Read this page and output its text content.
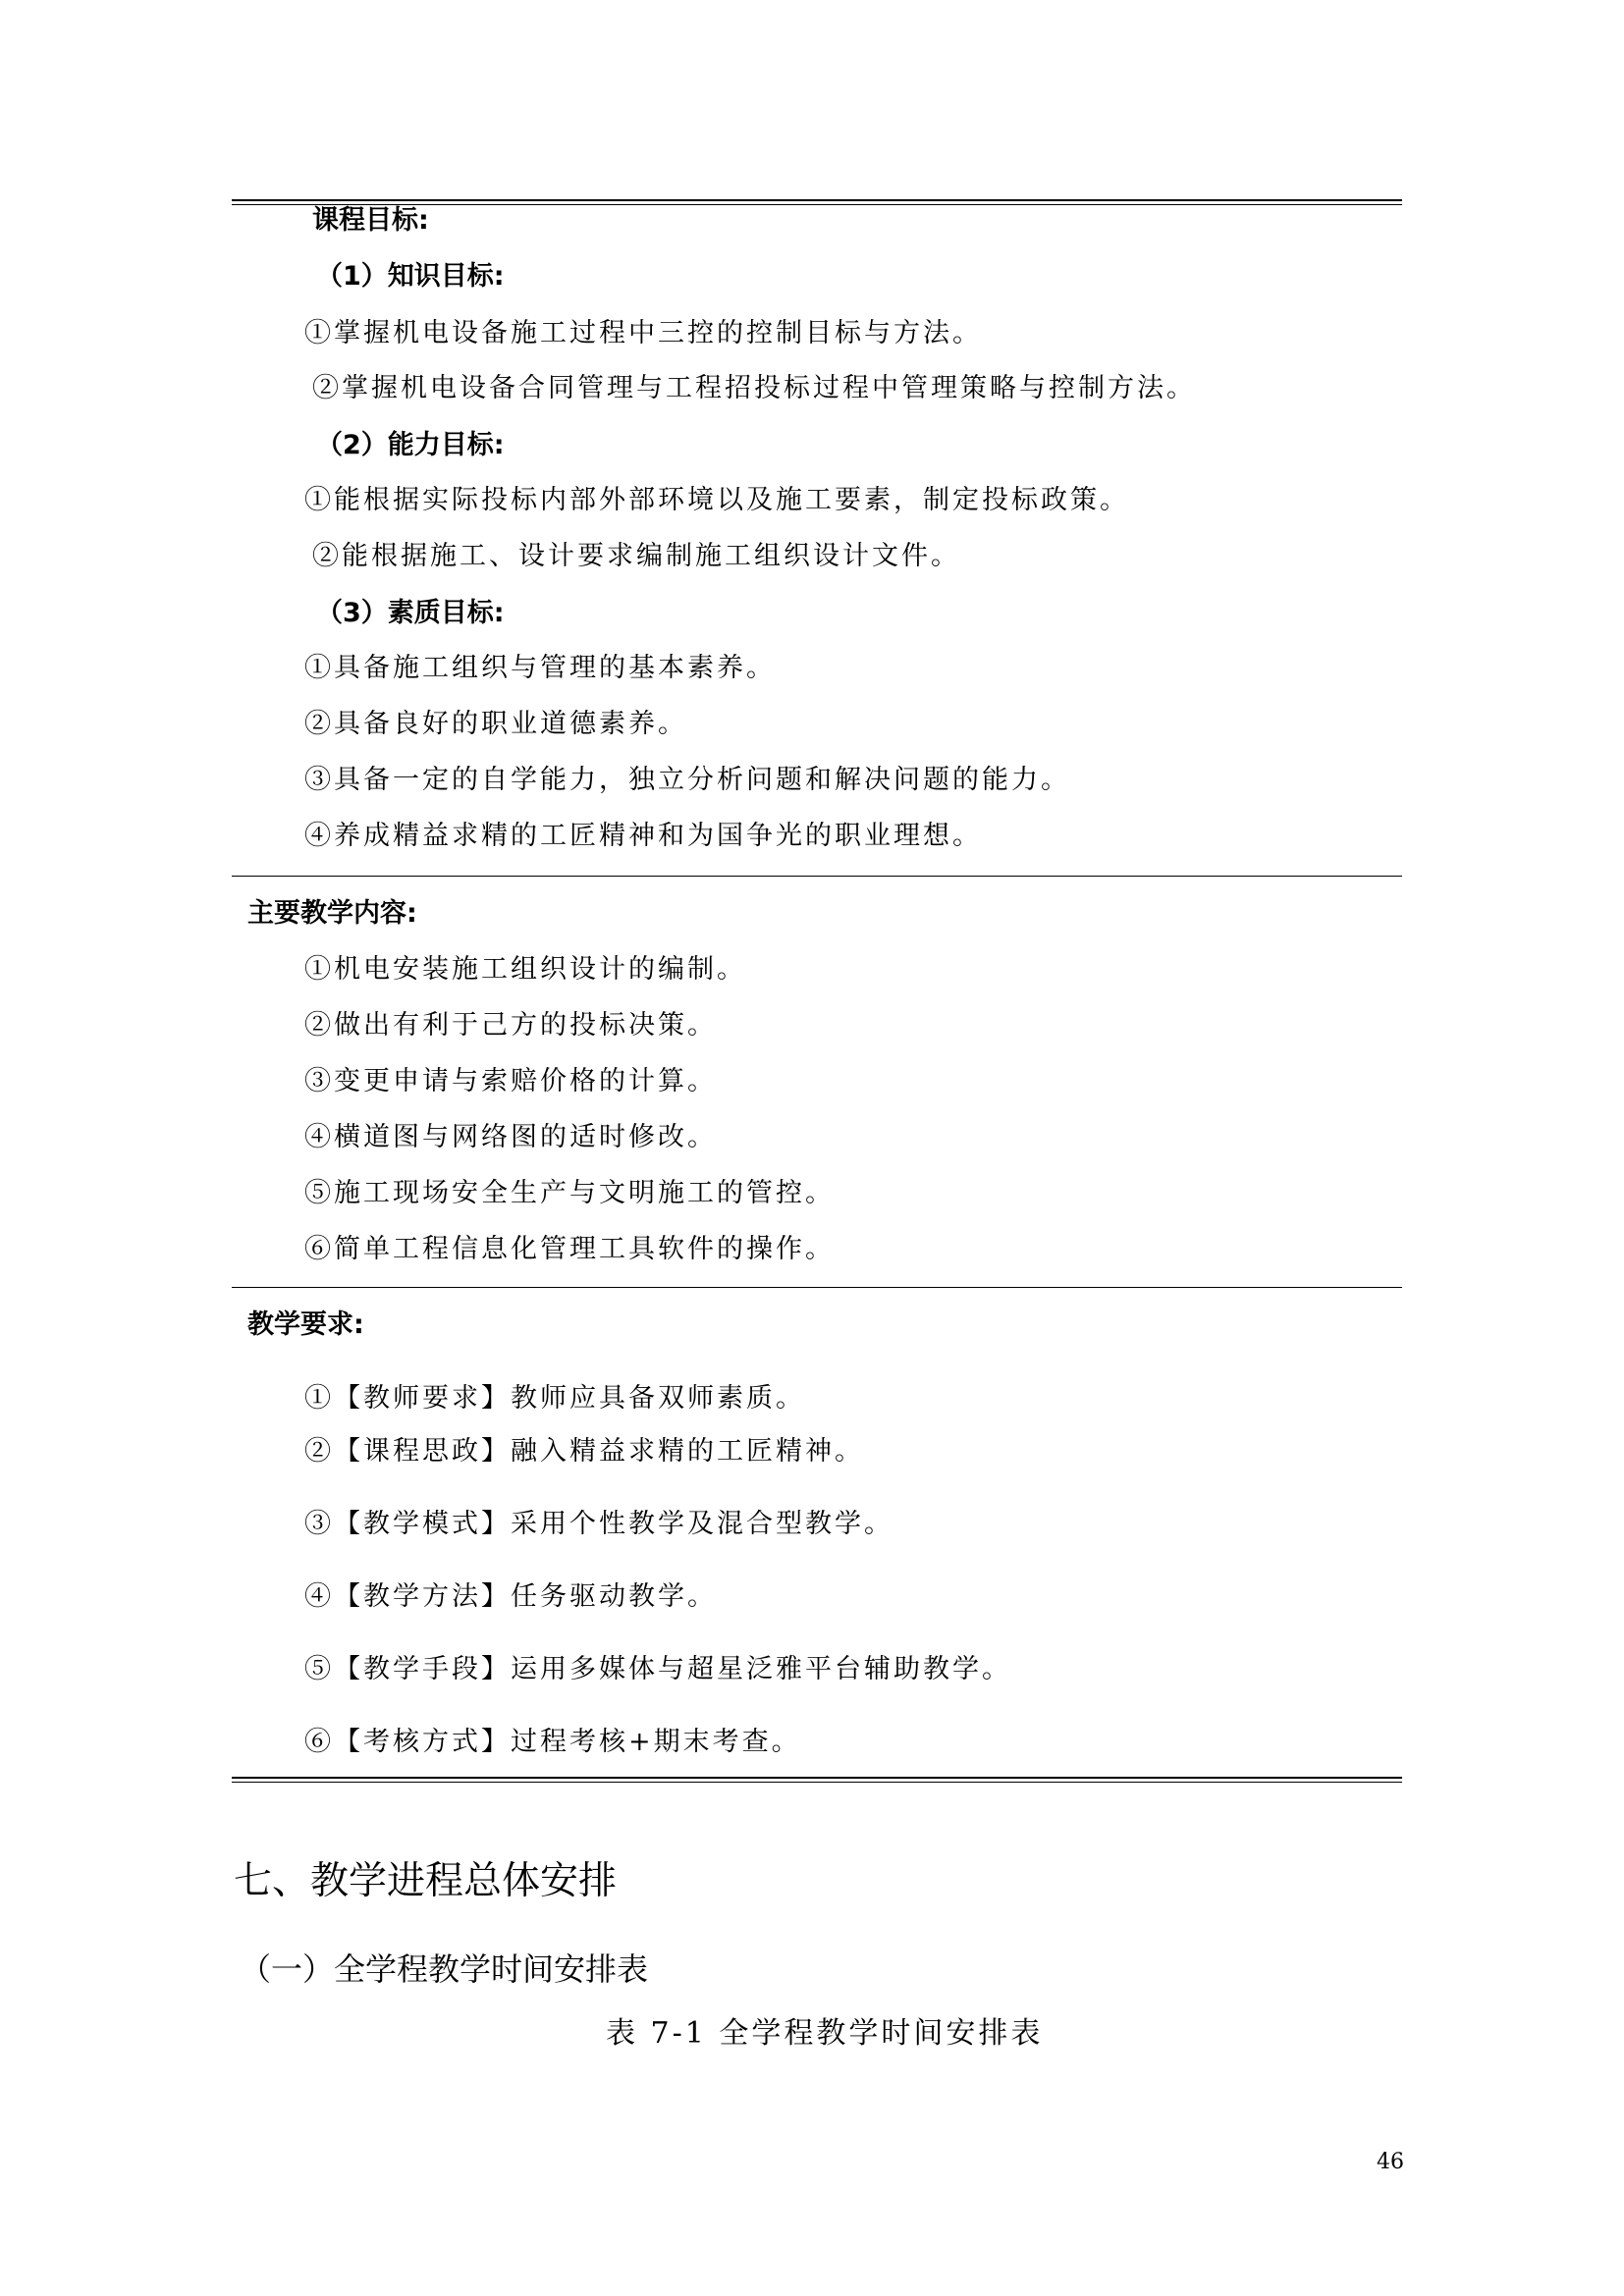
课程目标:
（1）知识目标:
①掌握机电设备施工过程中三控的控制目标与方法。
②掌握机电设备合同管理与工程招投标过程中管理策略与控制方法。
（2）能力目标:
①能根据实际投标内部外部环境以及施工要素，制定投标政策。
②能根据施工、设计要求编制施工组织设计文件。
（3）素质目标:
①具备施工组织与管理的基本素养。
②具备良好的职业道德素养。
③具备一定的自学能力，独立分析问题和解决问题的能力。
④养成精益求精的工匠精神和为国争光的职业理想。
主要教学内容:
①机电安装施工组织设计的编制。
②做出有利于己方的投标决策。
③变更申请与索赔价格的计算。
④横道图与网络图的适时修改。
⑤施工现场安全生产与文明施工的管控。
⑥简单工程信息化管理工具软件的操作。
教学要求:
①【教师要求】教师应具备双师素质。
②【课程思政】融入精益求精的工匠精神。
③【教学模式】采用个性教学及混合型教学。
④【教学方法】任务驱动教学。
⑤【教学手段】运用多媒体与超星泛雅平台辅助教学。
⑥【考核方式】过程考核+期末考查。
七、教学进程总体安排
（一）全学程教学时间安排表
表 7-1 全学程教学时间安排表
46
